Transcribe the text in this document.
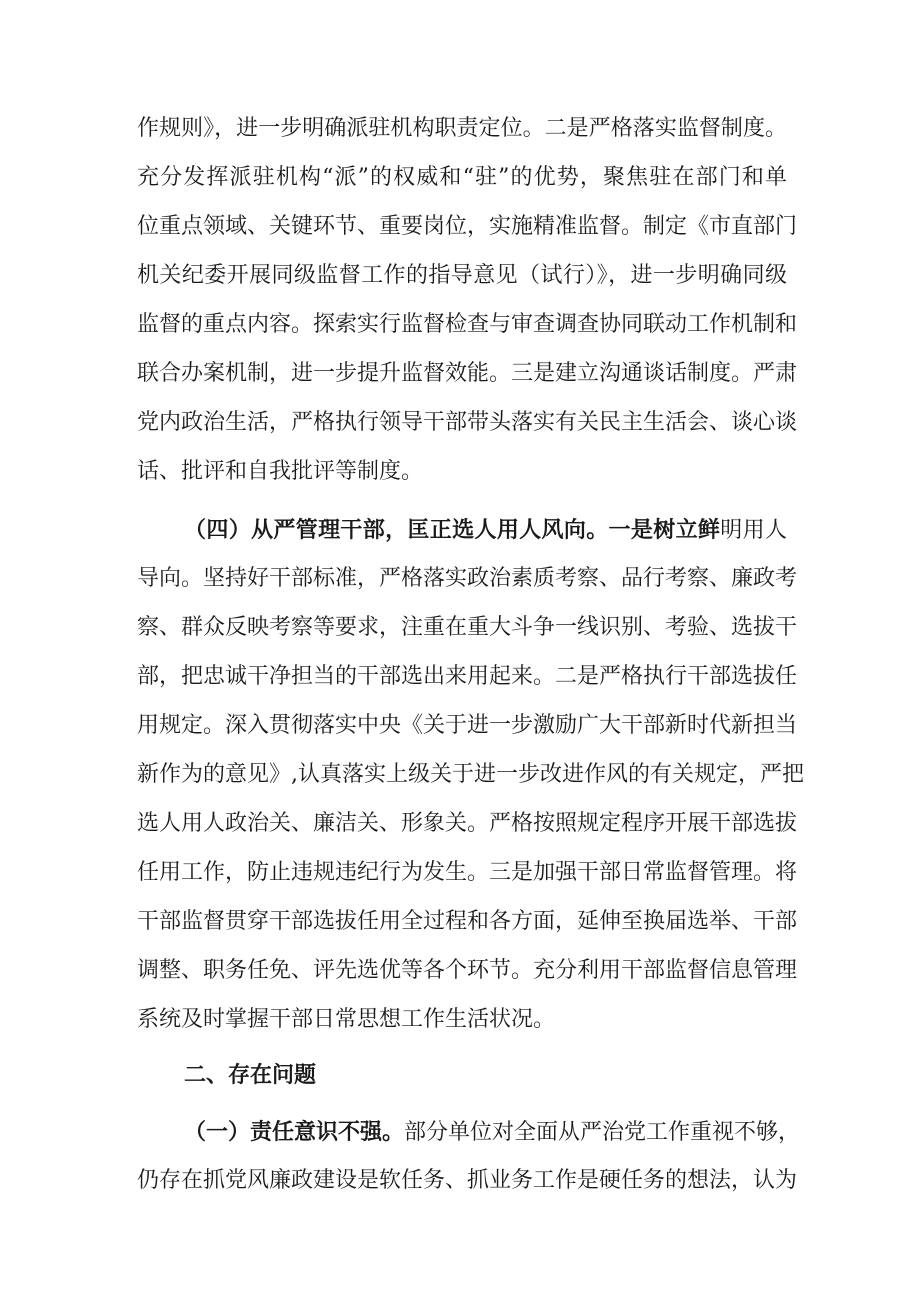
作规则》，进一步明确派驻机构职责定位。二是严格落实监督制度。
充分发挥派驻机构“派”的权威和“驻”的优势，聚焦驻在部门和单
位重点领域、关键环节、重要岗位，实施精准监督。制定《市直部门
机关纪委开展同级监督工作的指导意见（试行）》，进一步明确同级
监督的重点内容。探索实行监督检查与审查调查协同联动工作机制和
联合办案机制，进一步提升监督效能。三是建立沟通谈话制度。严肃
党内政治生活，严格执行领导干部带头落实有关民主生活会、谈心谈
话、批评和自我批评等制度。
（四）从严管理干部，匡正选人用人风向。一是树立鲜明用人
导向。坚持好干部标准，严格落实政治素质考察、品行考察、廉政考
察、群众反映考察等要求，注重在重大斗争一线识别、考验、选拔干
部，把忠诚干净担当的干部选出来用起来。二是严格执行干部选拔任
用规定。深入贯彻落实中央《关于进一步激励广大干部新时代新担当
新作为的意见》,认真落实上级关于进一步改进作风的有关规定，严把
选人用人政治关、廉洁关、形象关。严格按照规定程序开展干部选拔
任用工作，防止违规违纪行为发生。三是加强干部日常监督管理。将
干部监督贯穿干部选拔任用全过程和各方面，延伸至换届选举、干部
调整、职务任免、评先选优等各个环节。充分利用干部监督信息管理
系统及时掌握干部日常思想工作生活状况。
二、存在问题
（一）责任意识不强。部分单位对全面从严治党工作重视不够，
仍存在抓党风廉政建设是软任务、抓业务工作是硬任务的想法，认为
